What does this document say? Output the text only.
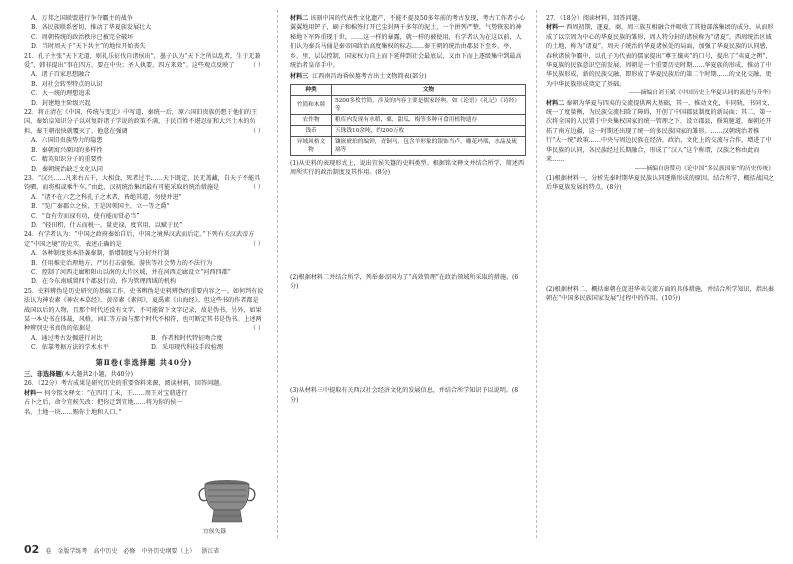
A．万邦之国联盟进行争夺霸主的战争
B．各民族联系密切，推动了华夏族发展壮大
C．周朝传统的政治秩序已被完全破坏
D．当时周天子“天下共主”的地位开始丧失
21．孔子主张“天下无道，则礼乐征伐自诸侯出”，墨子认为“天下之所以乱者，生于无兼爱”，韩非提出“事在四方，要在中央；圣人执要，四方来效”。这些观点反映了	（ ）
A．诸子百家思想融合
B．对社会转型特点的认识
C．大一统的理想追求
D．封建地主阶级兴起
22．将正清在《中国，传统与变迁》中写道，秦统一后，原六国旧贵族仍想于他们的王国，秦始皇知识分子以对复辟诸子学说的政策不满，于民百姓不堪忍征和大兴土木的负担，秦王朝很快就覆灭了，他意在强调	（ ）
A．六国旧贵族势力的隐患
B．秦朝寓兴原因的多样性
C．精英知识分子的重要性
D．秦朝统治缺乏文化认同
23．“汉兴……凡来右五千，大相食，死者过半……天下既定，民无盖藏，自天子不能具钧驷，而将相或乘牛车。”由此，汉初统治集团最有可能采取的统治措施是	（ ）
A．“诸不在六艺之科孔子之术者，皆绝其道，勿使并进”
B．“览广秦郡立之侯，王是因领国主，立一等之爵”
C．“食有劳而禄有功，使有能而赏必当”
D．“轻田租，什五而税一，量吏禄，度官用，以赋于民”
24．有学者认为：“中国之政府秦始自后，中国之境界汉武而后定。”下列有关汉武帝方定“中国之境”的史实，表述正确的是	（ ）
A．各种制度基本沿袭秦制，新增制度与分封并行制
B．任用推史治理地方，严厉打击豪强，游侠等社会势力的不法行为
C．控制了河西走廊和阳山以南的大片区域，并在河西走廊设立“河西四郡”
D．在今东南域置四个郡县行动，作为管理西域的机构
25．史料辨伪是历史研究的基础工作，史书辨伪是史料辨伪的重要内容之一。如何判有说法认为神农素《神农本草经》，黄帝素《素问》，夏禹素《山海经》。但这些书的作者都是战国以后的人物，且那个时代还没有文字，不可能留下文字记录，故是伪书。另外，如果某一本史书在体裁，风格，词汇等方面与那个时代不相符，也可断定其书是伪书。上述两种辨别史书真伪的依据是	（ ）
A．通过考古发掘进行对比	B．作者和时代特征吻合度
C．依靠考据方法的学术水平	D．采用现代科技手段检测
第Ⅱ卷(非选择题 共40分)
三、非选择题(本大题共2小题，共40分)
26．（22分）考古成果是研究历史的重要资料来源，阅读材料，回答问题。
材料一 何今铭文释文：“在四月丁未，王……周王对宝鼎进行占卜之后，命令宜候矢改：把你迁到宜地……将为你的侯一名，土地一块……赐你土地和人口。”
宜侯矢簋
材料二 该刻中国的代表性文化遗产，不能不提及50多年前的考古发现，考古工作者小心翼翼地用铲子，刷子和棉签打开已尘封两千多年的泥土，一个拼列严整，气势恢宏的神秘地下军阵重现于世。……这一样的暴露，就一样的被使用，有学者认为在这以前，人们认为秦兵马俑是秦帝国政治高度集权的标志……秦王朝的统治由郡县下至乡，亭，乡，里，层层控制，国家权力自上而下延伸到社会最底层，又由下而上逐级集中到最高统治者皇帝手中。
材料三 江西南昌海昏侯墓考古出土文物简表(部分)
种类	文物
竹简和木牍	5200多枚竹简，涉及的内容主要是儒家经典，如《论语》《礼记》《诗经》等
农作物	粮库内发现有水稻，粟，甜瓜，梅等多种可食用植物遗存
钱币	五铢钱10余吨，约200万枚
异域风格文物	镶嵌琥珀的编钟，青铜马，包含羊形象的银饰当卢，雕花玛瑙，水晶及琉璃等
(1)从史料的表现形式上，说出宜侯矢簋的史料类型。根据铭文释文并结合所学，简述西周所实行的政治制度及其作用。(8分)
(2)根据材料二并结合所学，列举秦帝国为了“高效管理”在政治领域所采取的措施。(6分)
(3)从材料三中提取有关西汉社会经济文化的发展信息，并结合所学知识予以说明。(8分)
27．（18分）阅读材料，回答问题。
材料一 西周初期，逐夏，商，周三族互相融合并吸收了其他部落集团的成分，从而形成了以宗周为中心的华夏民族的雏形，周人特分封的诸侯称为“诸夏”，西周统治区域的土地，称为“诸夏”，周天子统治的华夏诸侯处的局面，加强了华夏民族的认同感，春秋诸侯争霸中，以孔子为代表的儒家提出“尊王攘夷”的口号，提出了“夷夏之辨”，华夏族的民族意识空前发展，周朝是一个重要历史时期……华夏族的形成，推动了中华民族形成，新的民族交融，即形成了华夏民族后的第二个时期……的文化交融，更为中华民族形成奠定了基础。
——摘编自刘玉斌《中国历史上华夏认同的演进与升华》
材料二 秦朝为华夏与四夷的交流提供两大基础，其一，推动文化，车同轨，书同文，统一了度量衡，为民族交流扫除了障碍，开创了中国郡县制度的新局面；其二，第一次将全国的人民置于中央集权国家的统一管理之下，设立郡县，修筑驰道，秦朝还开拓了南方边疆，这一时期还出现了统一的多民族国家的雏形。……汉朝统治者推行“大一统”政策……中央与周边民族在经济，政治，文化上的交流与合作，增进了中华民族的认同，各民族经过长期融合，形成了“汉人”这个称谓，汉族之称由此而来……
——摘编自唐赞功《论中国“多民族国家”的历史传统》
(1)根据材料一，分析先秦时期华夏民族认同逐渐形成的原因。结合所学，概括战国之后华夏族发展的特点。(8分)
(2)根据材料二，概括秦朝在促进华夷交流方面的具体措施，并结合所学知识，指出秦朝在“中国多民族国家发展”过程中的作用。(10分)
02 卷 金版学练考 高中历史 必修 中外历史纲要（上） 浙江省
